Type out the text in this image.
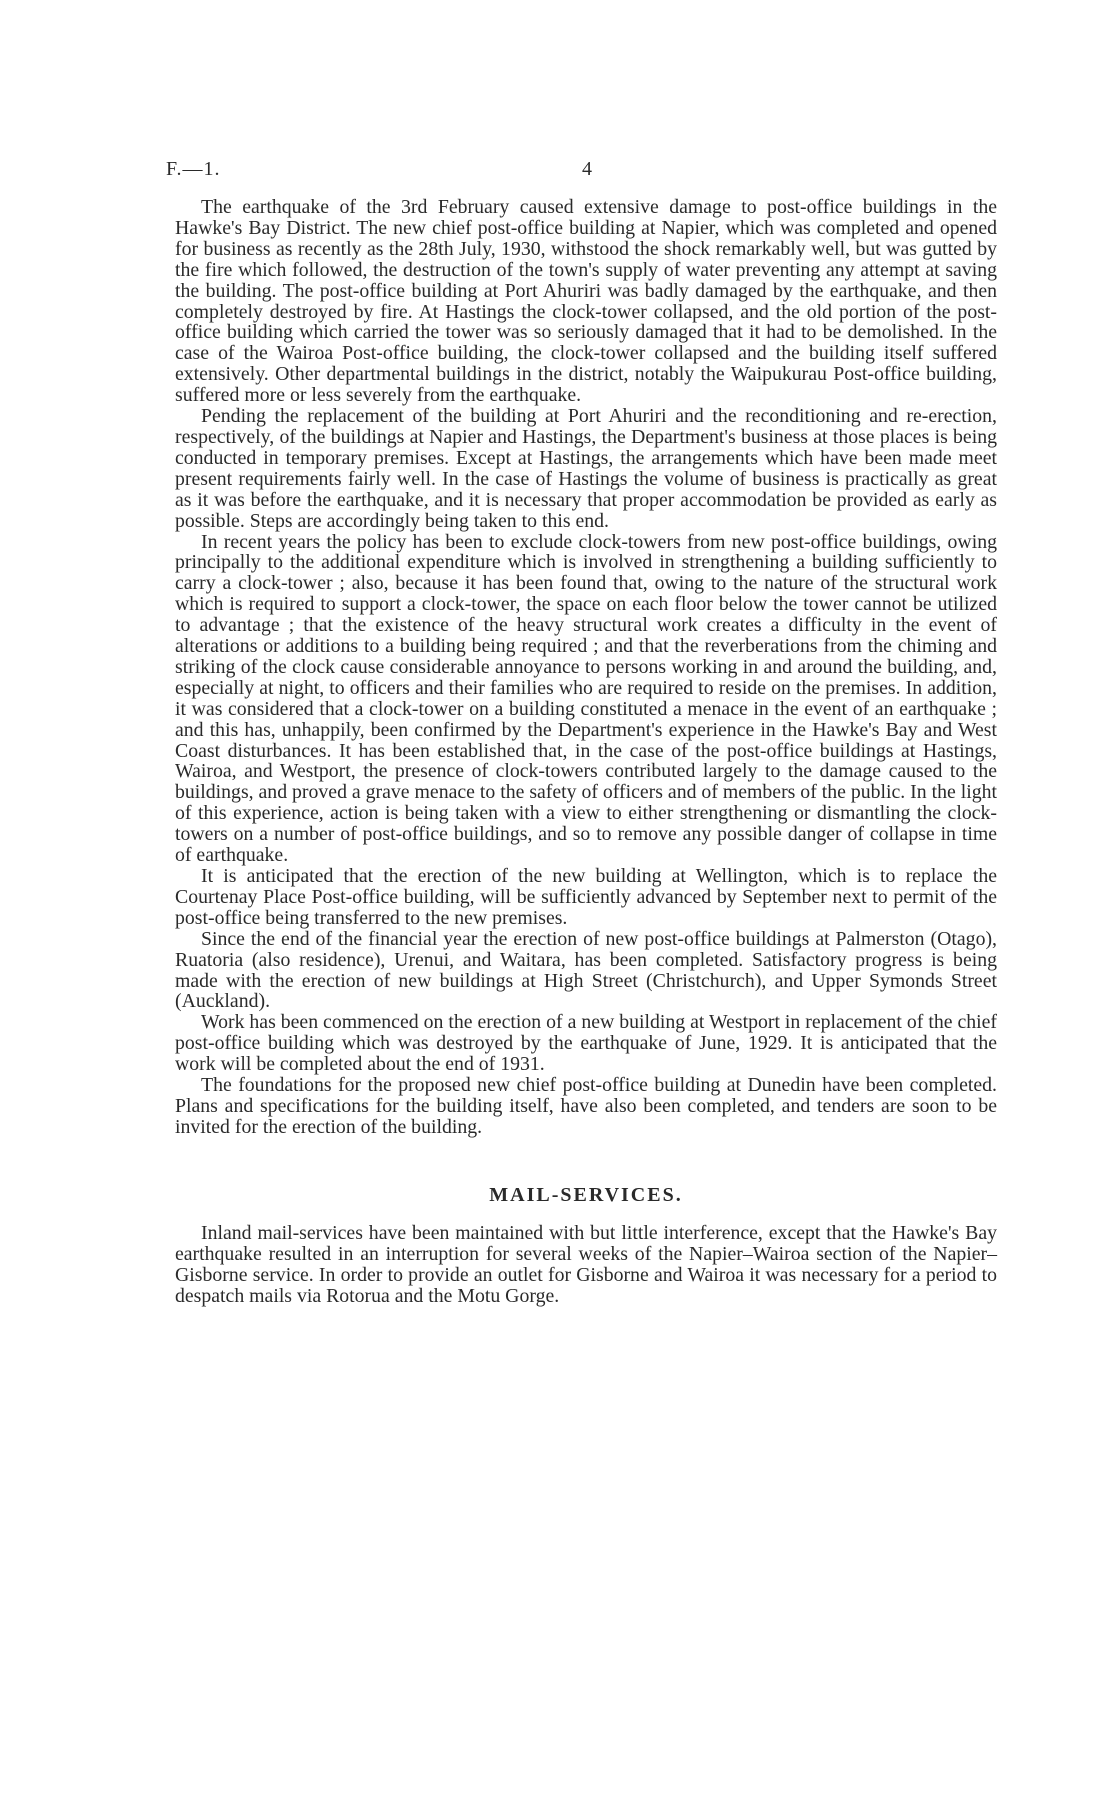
F.—1.	4

The earthquake of the 3rd February caused extensive damage to post-office buildings in the Hawke's Bay District. The new chief post-office building at Napier, which was completed and opened for business as recently as the 28th July, 1930, withstood the shock remarkably well, but was gutted by the fire which followed, the destruction of the town's supply of water preventing any attempt at saving the building. The post-office building at Port Ahuriri was badly damaged by the earthquake, and then completely destroyed by fire. At Hastings the clock-tower collapsed, and the old portion of the post-office building which carried the tower was so seriously damaged that it had to be demolished. In the case of the Wairoa Post-office building, the clock-tower collapsed and the building itself suffered extensively. Other departmental buildings in the district, notably the Waipukurau Post-office building, suffered more or less severely from the earthquake.

Pending the replacement of the building at Port Ahuriri and the reconditioning and re-erection, respectively, of the buildings at Napier and Hastings, the Department's business at those places is being conducted in temporary premises. Except at Hastings, the arrangements which have been made meet present requirements fairly well. In the case of Hastings the volume of business is practically as great as it was before the earthquake, and it is necessary that proper accommodation be provided as early as possible. Steps are accordingly being taken to this end.

In recent years the policy has been to exclude clock-towers from new post-office buildings, owing principally to the additional expenditure which is involved in strengthening a building sufficiently to carry a clock-tower ; also, because it has been found that, owing to the nature of the structural work which is required to support a clock-tower, the space on each floor below the tower cannot be utilized to advantage ; that the existence of the heavy structural work creates a difficulty in the event of alterations or additions to a building being required ; and that the reverberations from the chiming and striking of the clock cause considerable annoyance to persons working in and around the building, and, especially at night, to officers and their families who are required to reside on the premises. In addition, it was considered that a clock-tower on a building constituted a menace in the event of an earthquake ; and this has, unhappily, been confirmed by the Department's experience in the Hawke's Bay and West Coast disturbances. It has been established that, in the case of the post-office buildings at Hastings, Wairoa, and Westport, the presence of clock-towers contributed largely to the damage caused to the buildings, and proved a grave menace to the safety of officers and of members of the public. In the light of this experience, action is being taken with a view to either strengthening or dismantling the clock-towers on a number of post-office buildings, and so to remove any possible danger of collapse in time of earthquake.

It is anticipated that the erection of the new building at Wellington, which is to replace the Courtenay Place Post-office building, will be sufficiently advanced by September next to permit of the post-office being transferred to the new premises.

Since the end of the financial year the erection of new post-office buildings at Palmerston (Otago), Ruatoria (also residence), Urenui, and Waitara, has been completed. Satisfactory progress is being made with the erection of new buildings at High Street (Christchurch), and Upper Symonds Street (Auckland).

Work has been commenced on the erection of a new building at Westport in replacement of the chief post-office building which was destroyed by the earthquake of June, 1929. It is anticipated that the work will be completed about the end of 1931.

The foundations for the proposed new chief post-office building at Dunedin have been completed. Plans and specifications for the building itself, have also been completed, and tenders are soon to be invited for the erection of the building.

MAIL-SERVICES.

Inland mail-services have been maintained with but little interference, except that the Hawke's Bay earthquake resulted in an interruption for several weeks of the Napier–Wairoa section of the Napier–Gisborne service. In order to provide an outlet for Gisborne and Wairoa it was necessary for a period to despatch mails via Rotorua and the Motu Gorge.
